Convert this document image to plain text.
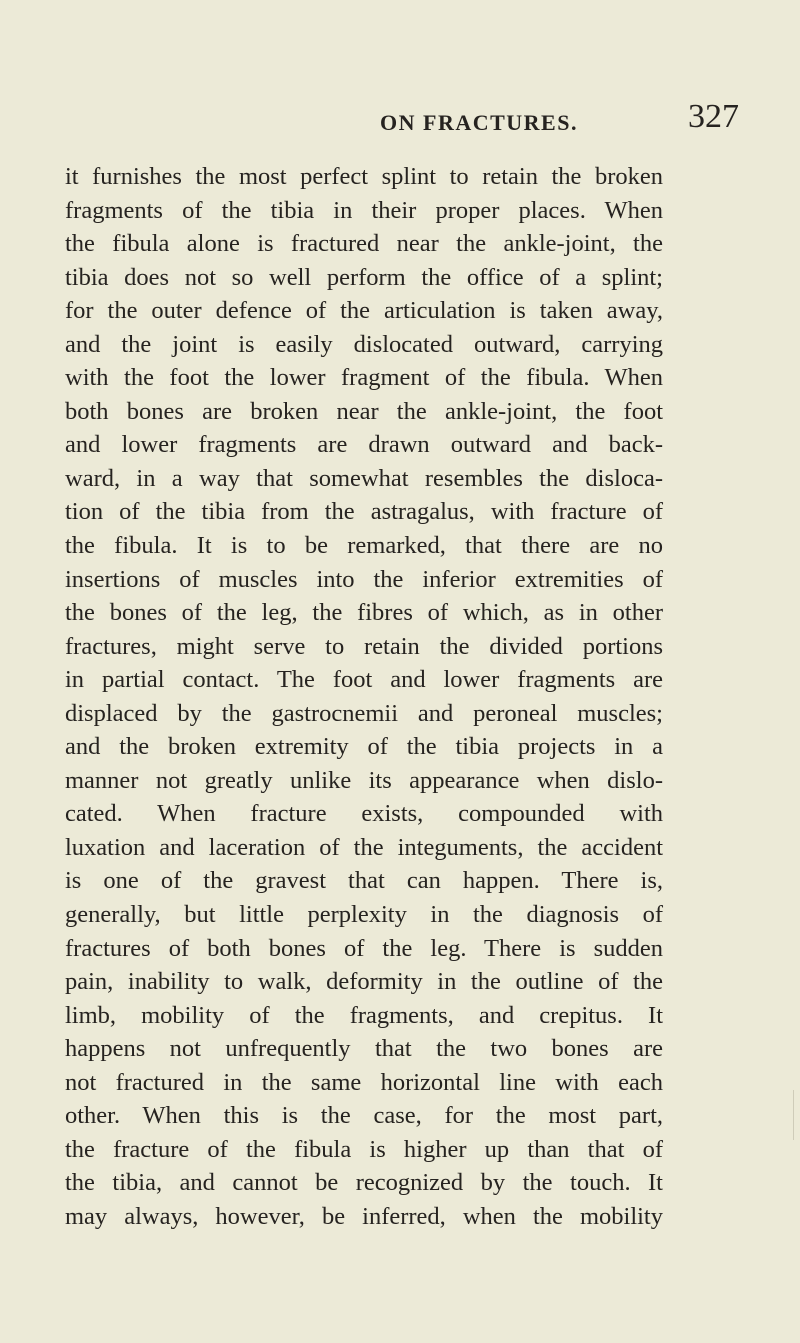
ON FRACTURES.	327
it furnishes the most perfect splint to retain the broken
fragments of the tibia in their proper places. When
the fibula alone is fractured near the ankle-joint, the
tibia does not so well perform the office of a splint;
for the outer defence of the articulation is taken away,
and the joint is easily dislocated outward, carrying
with the foot the lower fragment of the fibula. When
both bones are broken near the ankle-joint, the foot
and lower fragments are drawn outward and back-
ward, in a way that somewhat resembles the disloca-
tion of the tibia from the astragalus, with fracture of
the fibula. It is to be remarked, that there are no
insertions of muscles into the inferior extremities of
the bones of the leg, the fibres of which, as in other
fractures, might serve to retain the divided portions
in partial contact. The foot and lower fragments are
displaced by the gastrocnemii and peroneal muscles;
and the broken extremity of the tibia projects in a
manner not greatly unlike its appearance when dislo-
cated. When fracture exists, compounded with
luxation and laceration of the integuments, the accident
is one of the gravest that can happen. There is,
generally, but little perplexity in the diagnosis of
fractures of both bones of the leg. There is sudden
pain, inability to walk, deformity in the outline of the
limb, mobility of the fragments, and crepitus. It
happens not unfrequently that the two bones are
not fractured in the same horizontal line with each
other. When this is the case, for the most part,
the fracture of the fibula is higher up than that of
the tibia, and cannot be recognized by the touch. It
may always, however, be inferred, when the mobility
